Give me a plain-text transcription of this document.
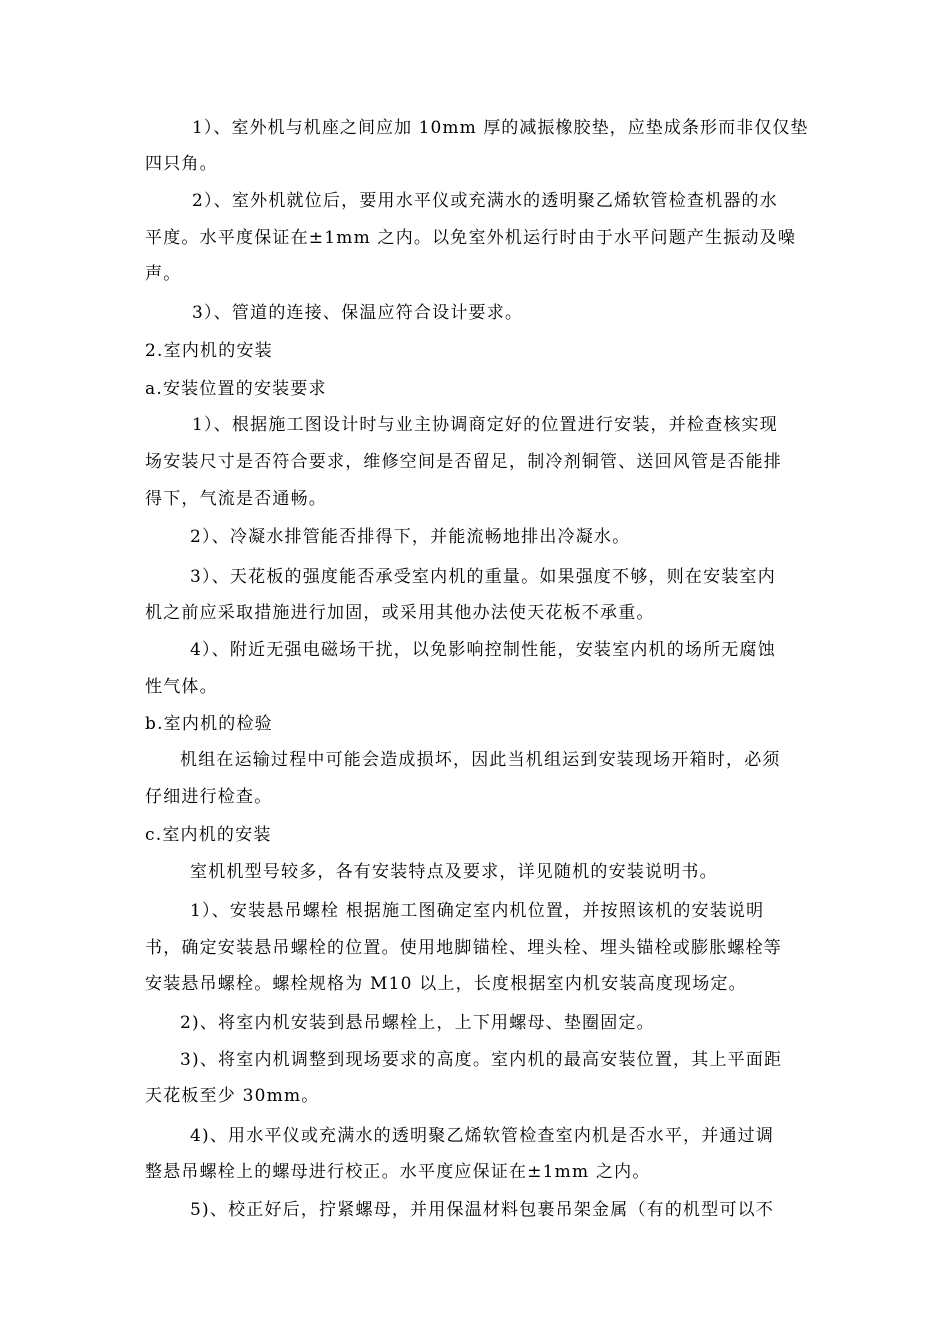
1）、室外机与机座之间应加 10mm 厚的减振橡胶垫，应垫成条形而非仅仅垫
四只角。
2）、室外机就位后，要用水平仪或充满水的透明聚乙烯软管检查机器的水
平度。水平度保证在±1mm 之内。以免室外机运行时由于水平问题产生振动及噪
声。
3）、管道的连接、保温应符合设计要求。
2.室内机的安装
a.安装位置的安装要求
1）、根据施工图设计时与业主协调商定好的位置进行安装，并检查核实现
场安装尺寸是否符合要求，维修空间是否留足，制冷剂铜管、送回风管是否能排
得下，气流是否通畅。
2）、冷凝水排管能否排得下，并能流畅地排出冷凝水。
3）、天花板的强度能否承受室内机的重量。如果强度不够，则在安装室内
机之前应采取措施进行加固，或采用其他办法使天花板不承重。
4）、附近无强电磁场干扰，以免影响控制性能，安装室内机的场所无腐蚀
性气体。
b.室内机的检验
机组在运输过程中可能会造成损坏，因此当机组运到安装现场开箱时，必须
仔细进行检查。
c.室内机的安装
室机机型号较多，各有安装特点及要求，详见随机的安装说明书。
1）、安装悬吊螺栓 根据施工图确定室内机位置，并按照该机的安装说明
书，确定安装悬吊螺栓的位置。使用地脚锚栓、埋头栓、埋头锚栓或膨胀螺栓等
安装悬吊螺栓。螺栓规格为 M10 以上，长度根据室内机安装高度现场定。
2)、将室内机安装到悬吊螺栓上，上下用螺母、垫圈固定。
3)、将室内机调整到现场要求的高度。室内机的最高安装位置，其上平面距
天花板至少 30mm。
4)、用水平仪或充满水的透明聚乙烯软管检查室内机是否水平，并通过调
整悬吊螺栓上的螺母进行校正。水平度应保证在±1mm 之内。
5)、校正好后，拧紧螺母，并用保温材料包裹吊架金属（有的机型可以不
